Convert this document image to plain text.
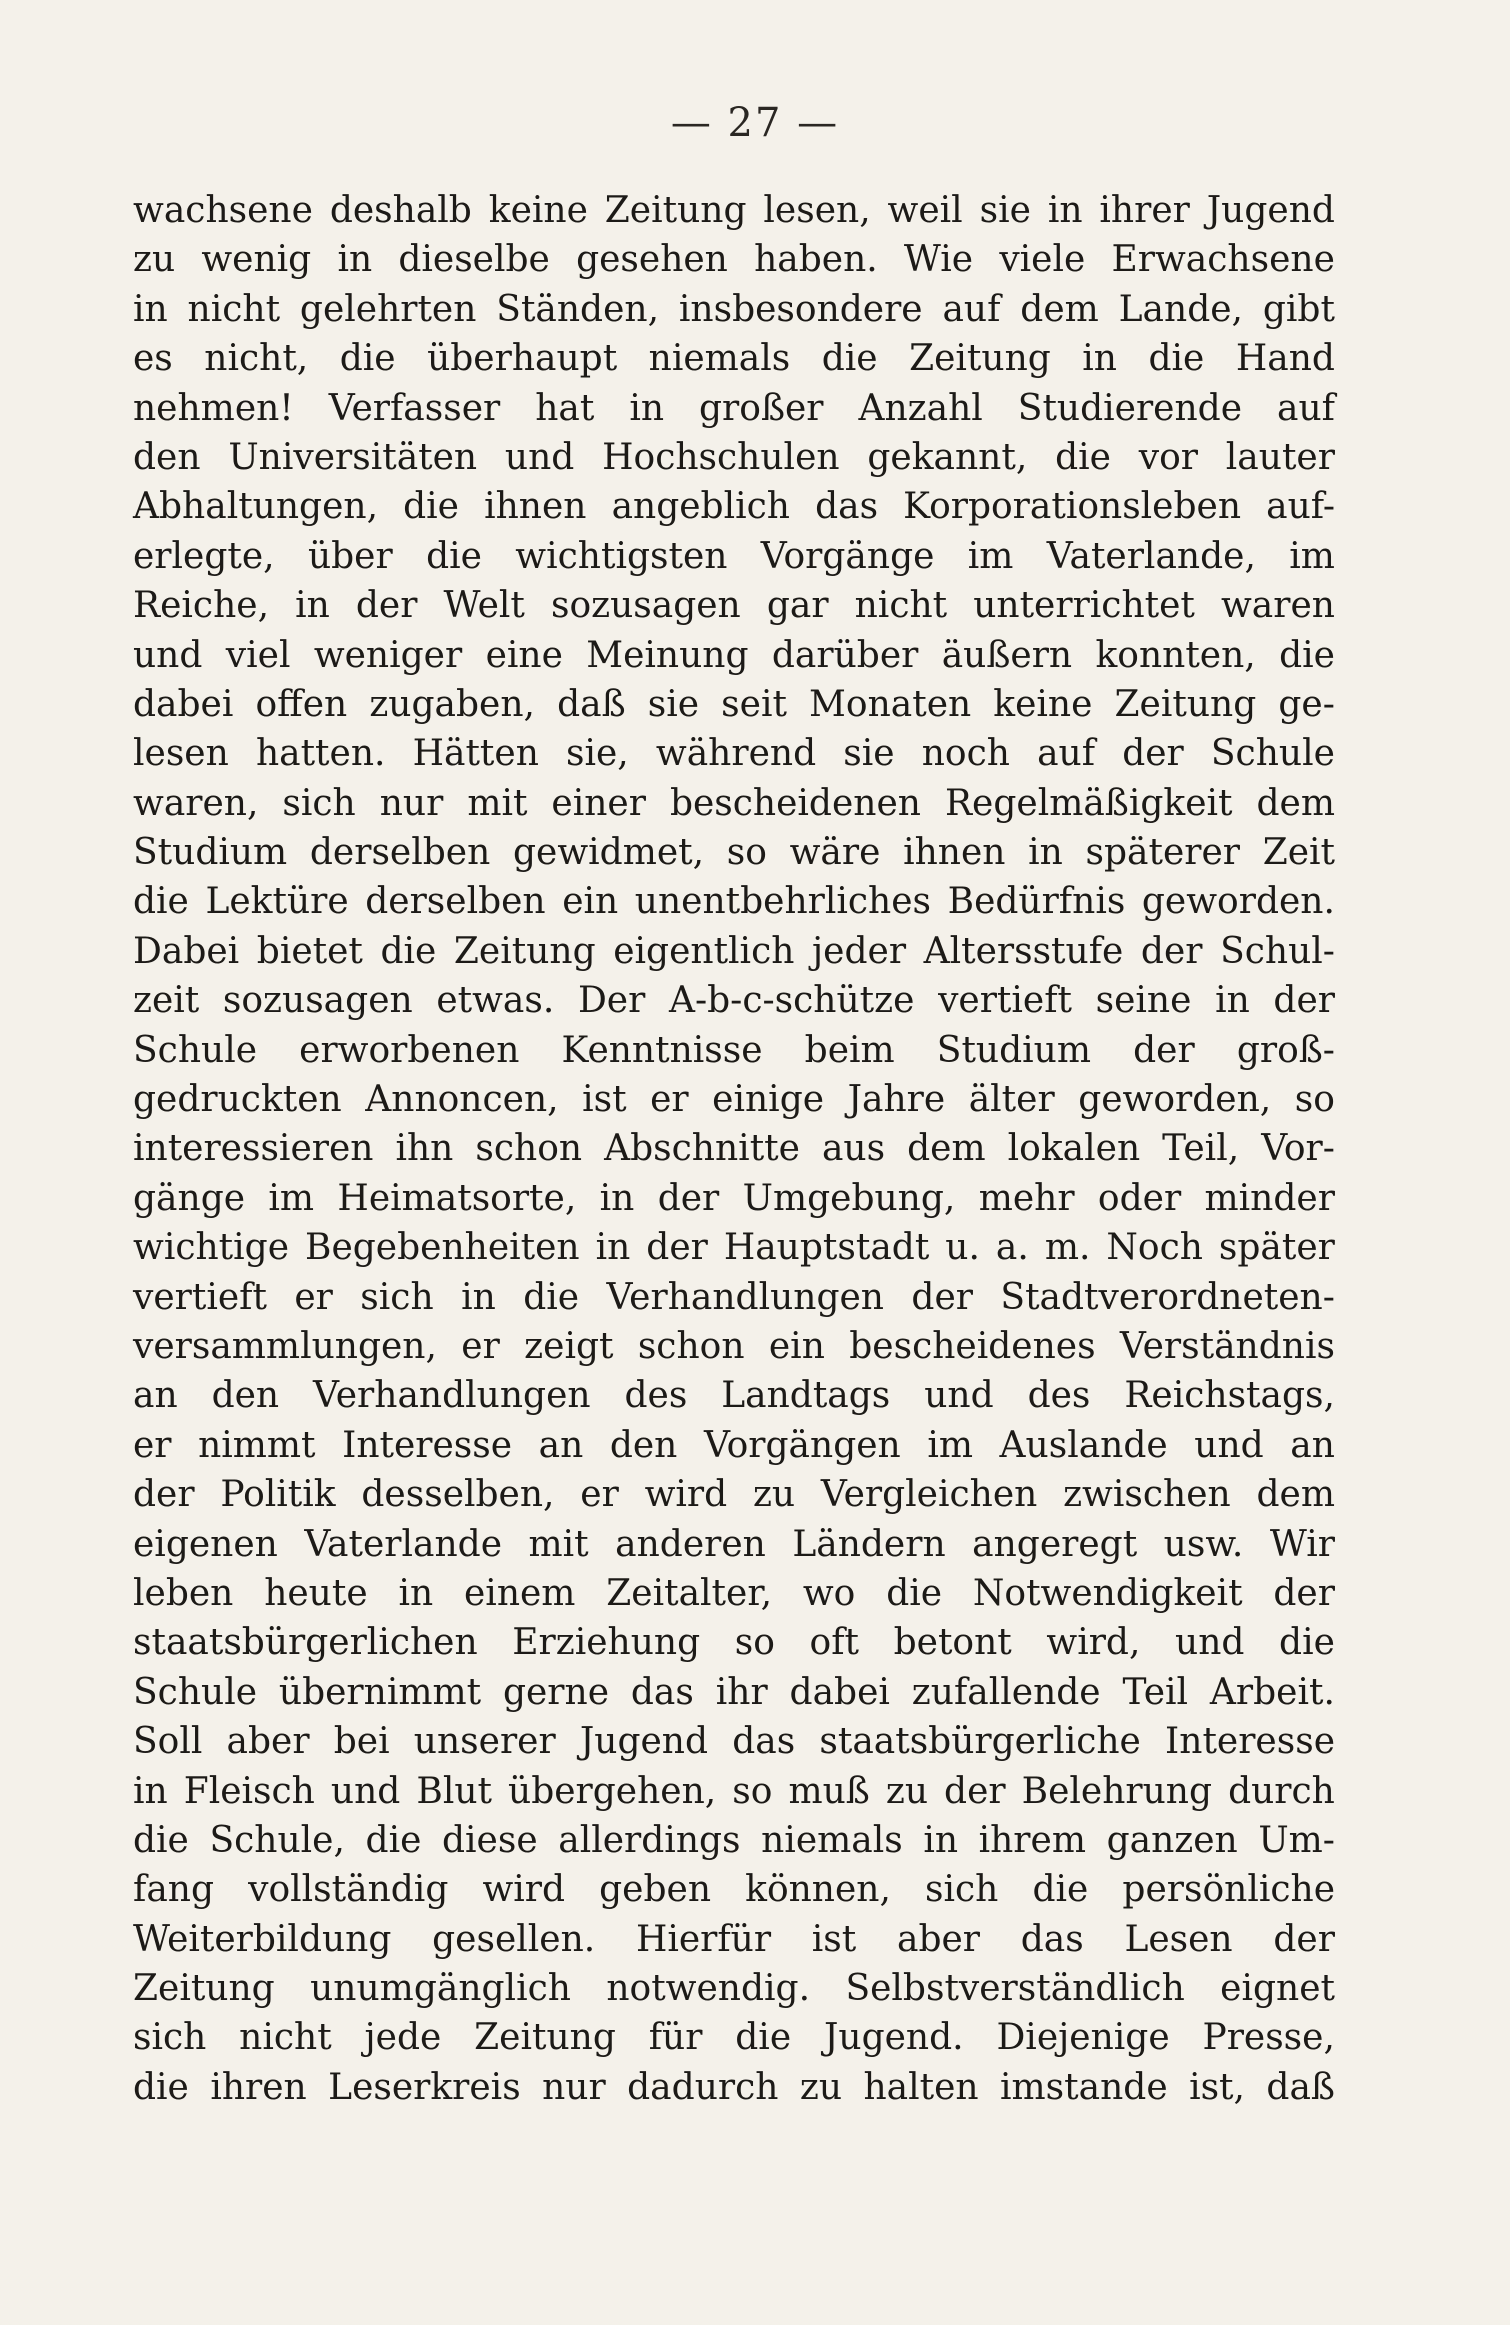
— 27 —
wachsene deshalb keine Zeitung lesen, weil sie in ihrer Jugend
zu wenig in dieselbe gesehen haben. Wie viele Erwachsene
in nicht gelehrten Ständen, insbesondere auf dem Lande, gibt
es nicht, die überhaupt niemals die Zeitung in die Hand
nehmen! Verfasser hat in großer Anzahl Studierende auf
den Universitäten und Hochschulen gekannt, die vor lauter
Abhaltungen, die ihnen angeblich das Korporationsleben auf-
erlegte, über die wichtigsten Vorgänge im Vaterlande, im
Reiche, in der Welt sozusagen gar nicht unterrichtet waren
und viel weniger eine Meinung darüber äußern konnten, die
dabei offen zugaben, daß sie seit Monaten keine Zeitung ge-
lesen hatten. Hätten sie, während sie noch auf der Schule
waren, sich nur mit einer bescheidenen Regelmäßigkeit dem
Studium derselben gewidmet, so wäre ihnen in späterer Zeit
die Lektüre derselben ein unentbehrliches Bedürfnis geworden.
Dabei bietet die Zeitung eigentlich jeder Altersstufe der Schul-
zeit sozusagen etwas. Der A-b-c-schütze vertieft seine in der
Schule erworbenen Kenntnisse beim Studium der groß-
gedruckten Annoncen, ist er einige Jahre älter geworden, so
interessieren ihn schon Abschnitte aus dem lokalen Teil, Vor-
gänge im Heimatsorte, in der Umgebung, mehr oder minder
wichtige Begebenheiten in der Hauptstadt u. a. m. Noch später
vertieft er sich in die Verhandlungen der Stadtverordneten-
versammlungen, er zeigt schon ein bescheidenes Verständnis
an den Verhandlungen des Landtags und des Reichstags,
er nimmt Interesse an den Vorgängen im Auslande und an
der Politik desselben, er wird zu Vergleichen zwischen dem
eigenen Vaterlande mit anderen Ländern angeregt usw. Wir
leben heute in einem Zeitalter, wo die Notwendigkeit der
staatsbürgerlichen Erziehung so oft betont wird, und die
Schule übernimmt gerne das ihr dabei zufallende Teil Arbeit.
Soll aber bei unserer Jugend das staatsbürgerliche Interesse
in Fleisch und Blut übergehen, so muß zu der Belehrung durch
die Schule, die diese allerdings niemals in ihrem ganzen Um-
fang vollständig wird geben können, sich die persönliche
Weiterbildung gesellen. Hierfür ist aber das Lesen der
Zeitung unumgänglich notwendig. Selbstverständlich eignet
sich nicht jede Zeitung für die Jugend. Diejenige Presse,
die ihren Leserkreis nur dadurch zu halten imstande ist, daß
